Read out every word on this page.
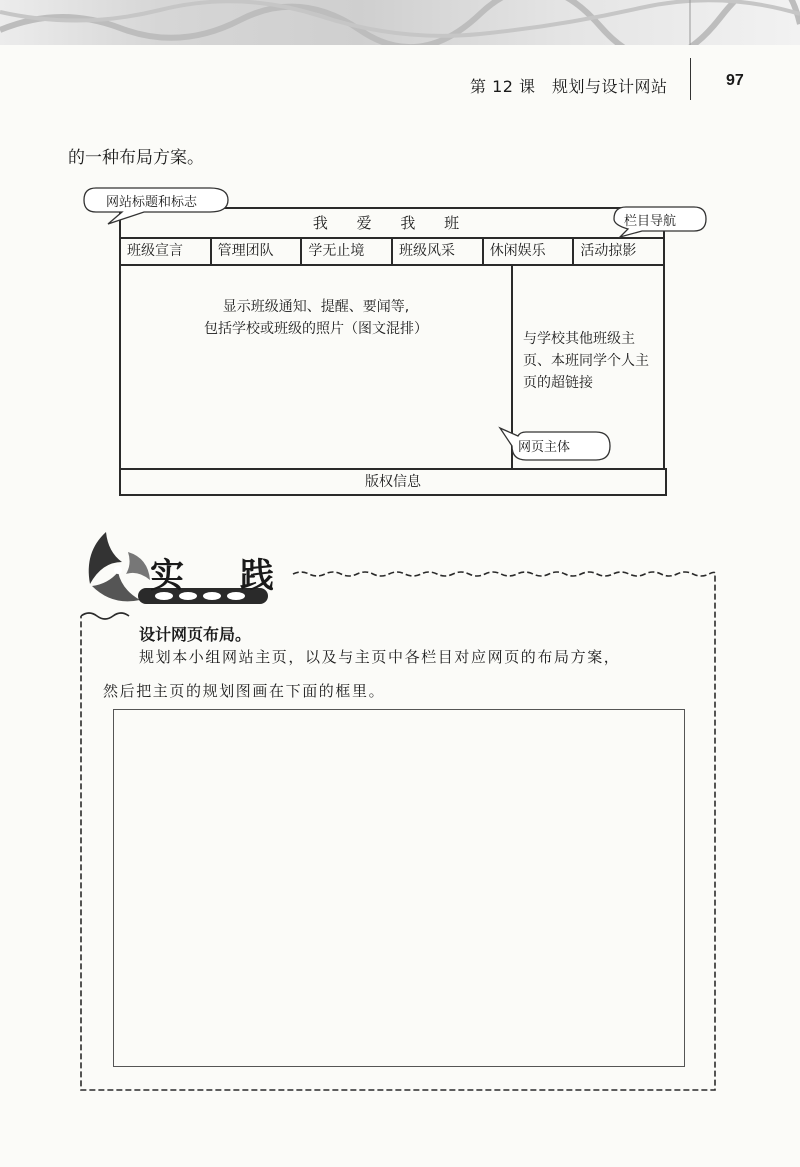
第 12 课　规划与设计网站	97
的一种布局方案。
我 爱 我 班
班级宣言	管理团队	学无止境	班级风采	休闲娱乐	活动掠影
显示班级通知、提醒、要闻等,
包括学校或班级的照片（图文混排）
与学校其他班级主页、本班同学个人主页的超链接
版权信息
网站标题和标志
栏目导航
网页主体
实 践
设计网页布局。
规划本小组网站主页，以及与主页中各栏目对应网页的布局方案，
然后把主页的规划图画在下面的框里。
